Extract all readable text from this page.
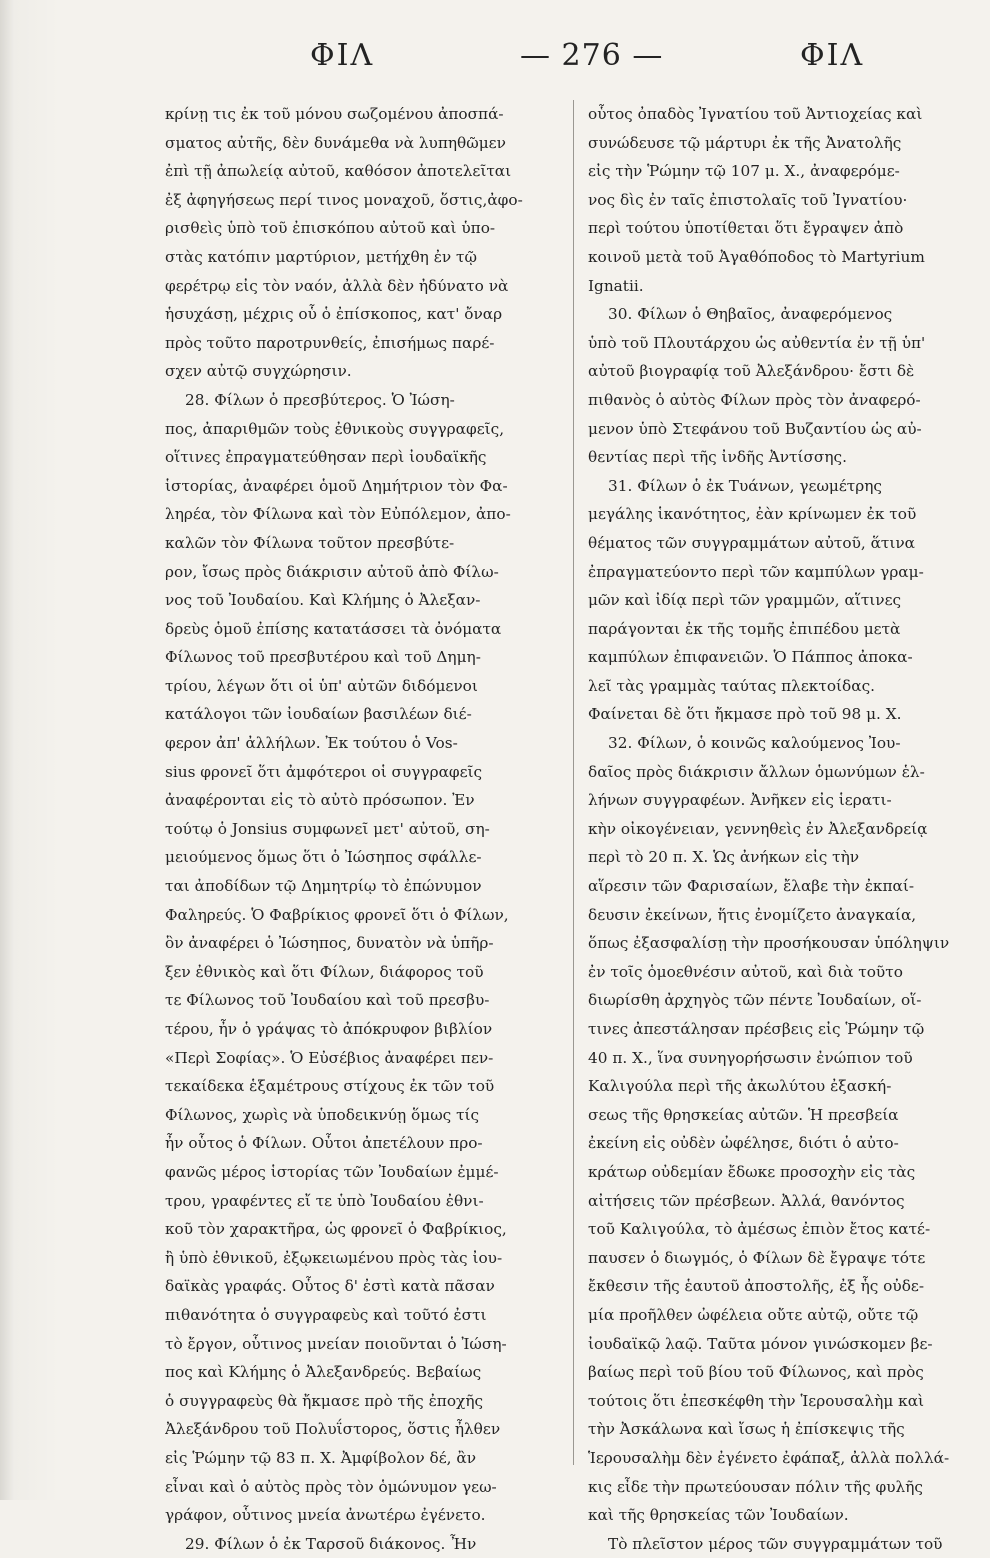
ΦΙΛ	— 276 —	ΦΙΛ
κρίνῃ τις ἐκ τοῦ μόνου σωζομένου ἀποσπά-
σματος αὐτῆς, δὲν δυνάμεθα νὰ λυπηθῶμεν
ἐπὶ τῇ ἀπωλείᾳ αὐτοῦ, καθόσον ἀποτελεῖται
ἐξ ἀφηγήσεως περί τινος μοναχοῦ, ὅστις,ἀφο-
ρισθεὶς ὑπὸ τοῦ ἐπισκόπου αὐτοῦ καὶ ὑπο-
στὰς κατόπιν μαρτύριον, μετήχθη ἐν τῷ
φερέτρῳ εἰς τὸν ναόν, ἀλλὰ δὲν ἠδύνατο νὰ
ἡσυχάσῃ, μέχρις οὗ ὁ ἐπίσκοπος, κατ' ὄναρ
πρὸς τοῦτο παροτρυνθείς, ἐπισήμως παρέ-
σχεν αὐτῷ συγχώρησιν.
28. Φίλων ὁ πρεσβύτερος. Ὁ Ἰώση-
πος, ἀπαριθμῶν τοὺς ἐθνικοὺς συγγραφεῖς,
οἵτινες ἐπραγματεύθησαν περὶ ἰουδαϊκῆς
ἱστορίας, ἀναφέρει ὁμοῦ Δημήτριον τὸν Φα-
ληρέα, τὸν Φίλωνα καὶ τὸν Εὐπόλεμον, ἀπο-
καλῶν τὸν Φίλωνα τοῦτον πρεσβύτε-
ρον, ἴσως πρὸς διάκρισιν αὐτοῦ ἀπὸ Φίλω-
νος τοῦ Ἰουδαίου. Καὶ Κλήμης ὁ Ἀλεξαν-
δρεὺς ὁμοῦ ἐπίσης κατατάσσει τὰ ὀνόματα
Φίλωνος τοῦ πρεσβυτέρου καὶ τοῦ Δημη-
τρίου, λέγων ὅτι οἱ ὑπ' αὐτῶν διδόμενοι
κατάλογοι τῶν ἰουδαίων βασιλέων διέ-
φερον ἀπ' ἀλλήλων. Ἐκ τούτου ὁ Vos-
sius φρονεῖ ὅτι ἀμφότεροι οἱ συγγραφεῖς
ἀναφέρονται εἰς τὸ αὐτὸ πρόσωπον. Ἐν
τούτῳ ὁ Jonsius συμφωνεῖ μετ' αὐτοῦ, ση-
μειούμενος ὅμως ὅτι ὁ Ἰώσηπος σφάλλε-
ται ἀποδίδων τῷ Δημητρίῳ τὸ ἐπώνυμον
Φαληρεύς. Ὁ Φαβρίκιος φρονεῖ ὅτι ὁ Φίλων,
ὃν ἀναφέρει ὁ Ἰώσηπος, δυνατὸν νὰ ὑπῆρ-
ξεν ἐθνικὸς καὶ ὅτι Φίλων, διάφορος τοῦ
τε Φίλωνος τοῦ Ἰουδαίου καὶ τοῦ πρεσβυ-
τέρου, ἦν ὁ γράψας τὸ ἀπόκρυφον βιβλίον
«Περὶ Σοφίας». Ὁ Εὐσέβιος ἀναφέρει πεν-
τεκαίδεκα ἑξαμέτρους στίχους ἐκ τῶν τοῦ
Φίλωνος, χωρὶς νὰ ὑποδεικνύῃ ὅμως τίς
ἦν οὗτος ὁ Φίλων. Οὗτοι ἀπετέλουν προ-
φανῶς μέρος ἱστορίας τῶν Ἰουδαίων ἐμμέ-
τρου, γραφέντες εἴ τε ὑπὸ Ἰουδαίου ἐθνι-
κοῦ τὸν χαρακτῆρα, ὡς φρονεῖ ὁ Φαβρίκιος,
ἢ ὑπὸ ἐθνικοῦ, ἐξῳκειωμένου πρὸς τὰς ἰου-
δαϊκὰς γραφάς. Οὗτος δ' ἐστὶ κατὰ πᾶσαν
πιθανότητα ὁ συγγραφεὺς καὶ τοῦτό ἐστι
τὸ ἔργον, οὗτινος μνείαν ποιοῦνται ὁ Ἰώση-
πος καὶ Κλήμης ὁ Ἀλεξανδρεύς. Βεβαίως
ὁ συγγραφεὺς θὰ ἤκμασε πρὸ τῆς ἐποχῆς
Ἀλεξάνδρου τοῦ Πολυΐστορος, ὅστις ἦλθεν
εἰς Ῥώμην τῷ 83 π. Χ. Ἀμφίβολον δέ, ἂν
εἶναι καὶ ὁ αὐτὸς πρὸς τὸν ὁμώνυμον γεω-
γράφον, οὗτινος μνεία ἀνωτέρω ἐγένετο.
29. Φίλων ὁ ἐκ Ταρσοῦ διάκονος. Ἦν
οὗτος ὀπαδὸς Ἰγνατίου τοῦ Ἀντιοχείας καὶ
συνώδευσε τῷ μάρτυρι ἐκ τῆς Ἀνατολῆς
εἰς τὴν Ῥώμην τῷ 107 μ. Χ., ἀναφερόμε-
νος δὶς ἐν ταῖς ἐπιστολαῖς τοῦ Ἰγνατίου·
περὶ τούτου ὑποτίθεται ὅτι ἔγραψεν ἀπὸ
κοινοῦ μετὰ τοῦ Ἀγαθόποδος τὸ Martyrium
Ignatii.
30. Φίλων ὁ Θηβαῖος, ἀναφερόμενος
ὑπὸ τοῦ Πλουτάρχου ὡς αὐθεντία ἐν τῇ ὑπ'
αὐτοῦ βιογραφίᾳ τοῦ Ἀλεξάνδρου· ἔστι δὲ
πιθανὸς ὁ αὐτὸς Φίλων πρὸς τὸν ἀναφερό-
μενον ὑπὸ Στεφάνου τοῦ Βυζαντίου ὡς αὐ-
θεντίας περὶ τῆς ἰνδῆς Ἀντίσσης.
31. Φίλων ὁ ἐκ Τυάνων, γεωμέτρης
μεγάλης ἱκανότητος, ἐὰν κρίνωμεν ἐκ τοῦ
θέματος τῶν συγγραμμάτων αὐτοῦ, ἅτινα
ἐπραγματεύοντο περὶ τῶν καμπύλων γραμ-
μῶν καὶ ἰδίᾳ περὶ τῶν γραμμῶν, αἵτινες
παράγονται ἐκ τῆς τομῆς ἐπιπέδου μετὰ
καμπύλων ἐπιφανειῶν. Ὁ Πάππος ἀποκα-
λεῖ τὰς γραμμὰς ταύτας πλεκτοίδας.
Φαίνεται δὲ ὅτι ἤκμασε πρὸ τοῦ 98 μ. Χ.
32. Φίλων, ὁ κοινῶς καλούμενος Ἰου-
δαῖος πρὸς διάκρισιν ἄλλων ὁμωνύμων ἑλ-
λήνων συγγραφέων. Ἀνῆκεν εἰς ἱερατι-
κὴν οἰκογένειαν, γεννηθεὶς ἐν Ἀλεξανδρείᾳ
περὶ τὸ 20 π. Χ. Ὡς ἀνήκων εἰς τὴν
αἵρεσιν τῶν Φαρισαίων, ἔλαβε τὴν ἐκπαί-
δευσιν ἐκείνων, ἥτις ἐνομίζετο ἀναγκαία,
ὅπως ἐξασφαλίσῃ τὴν προσήκουσαν ὑπόληψιν
ἐν τοῖς ὁμοεθνέσιν αὐτοῦ, καὶ διὰ τοῦτο
διωρίσθη ἀρχηγὸς τῶν πέντε Ἰουδαίων, οἵ-
τινες ἀπεστάλησαν πρέσβεις εἰς Ῥώμην τῷ
40 π. Χ., ἵνα συνηγορήσωσιν ἐνώπιον τοῦ
Καλιγούλα περὶ τῆς ἀκωλύτου ἐξασκή-
σεως τῆς θρησκείας αὐτῶν. Ἡ πρεσβεία
ἐκείνη εἰς οὐδὲν ὠφέλησε, διότι ὁ αὐτο-
κράτωρ οὐδεμίαν ἔδωκε προσοχὴν εἰς τὰς
αἰτήσεις τῶν πρέσβεων. Ἀλλά, θανόντος
τοῦ Καλιγούλα, τὸ ἀμέσως ἐπιὸν ἔτος κατέ-
παυσεν ὁ διωγμός, ὁ Φίλων δὲ ἔγραψε τότε
ἔκθεσιν τῆς ἑαυτοῦ ἀποστολῆς, ἐξ ἧς οὐδε-
μία προῆλθεν ὠφέλεια οὔτε αὐτῷ, οὔτε τῷ
ἰουδαϊκῷ λαῷ. Ταῦτα μόνον γινώσκομεν βε-
βαίως περὶ τοῦ βίου τοῦ Φίλωνος, καὶ πρὸς
τούτοις ὅτι ἐπεσκέφθη τὴν Ἱερουσαλὴμ καὶ
τὴν Ἀσκάλωνα καὶ ἴσως ἡ ἐπίσκεψις τῆς
Ἱερουσαλὴμ δὲν ἐγένετο ἐφάπαξ, ἀλλὰ πολλά-
κις εἶδε τὴν πρωτεύουσαν πόλιν τῆς φυλῆς
καὶ τῆς θρησκείας τῶν Ἰουδαίων.
Τὸ πλεῖστον μέρος τῶν συγγραμμάτων τοῦ
